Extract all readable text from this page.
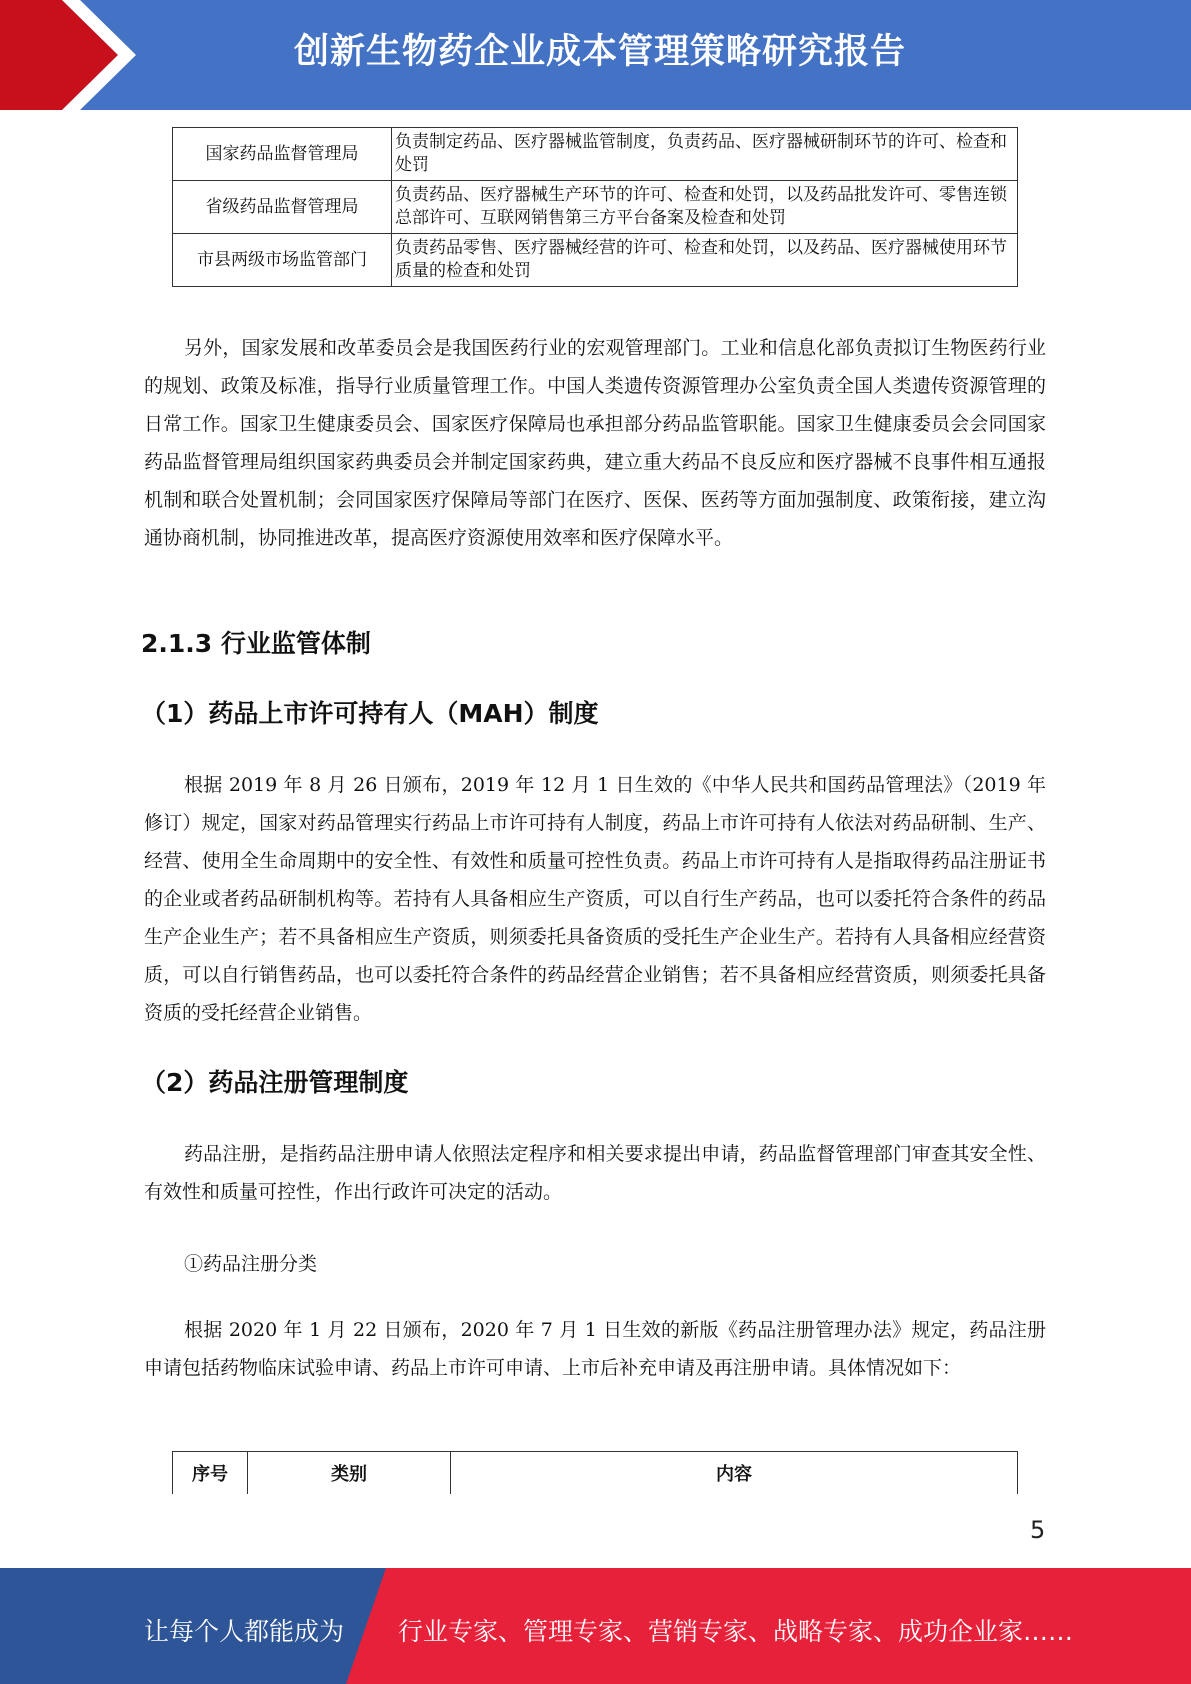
创新生物药企业成本管理策略研究报告
国家药品监督管理局	负责制定药品、医疗器械监管制度，负责药品、医疗器械研制环节的许可、检查和处罚
省级药品监督管理局	负责药品、医疗器械生产环节的许可、检查和处罚，以及药品批发许可、零售连锁总部许可、互联网销售第三方平台备案及检查和处罚
市县两级市场监管部门	负责药品零售、医疗器械经营的许可、检查和处罚，以及药品、医疗器械使用环节质量的检查和处罚

另外，国家发展和改革委员会是我国医药行业的宏观管理部门。工业和信息化部负责拟订生物医药行业的规划、政策及标准，指导行业质量管理工作。中国人类遗传资源管理办公室负责全国人类遗传资源管理的日常工作。国家卫生健康委员会、国家医疗保障局也承担部分药品监管职能。国家卫生健康委员会会同国家药品监督管理局组织国家药典委员会并制定国家药典，建立重大药品不良反应和医疗器械不良事件相互通报机制和联合处置机制；会同国家医疗保障局等部门在医疗、医保、医药等方面加强制度、政策衔接，建立沟通协商机制，协同推进改革，提高医疗资源使用效率和医疗保障水平。

2.1.3 行业监管体制
（1）药品上市许可持有人（MAH）制度

根据 2019 年 8 月 26 日颁布，2019 年 12 月 1 日生效的《中华人民共和国药品管理法》（2019 年修订）规定，国家对药品管理实行药品上市许可持有人制度，药品上市许可持有人依法对药品研制、生产、经营、使用全生命周期中的安全性、有效性和质量可控性负责。药品上市许可持有人是指取得药品注册证书的企业或者药品研制机构等。若持有人具备相应生产资质，可以自行生产药品，也可以委托符合条件的药品生产企业生产；若不具备相应生产资质，则须委托具备资质的受托生产企业生产。若持有人具备相应经营资质，可以自行销售药品，也可以委托符合条件的药品经营企业销售；若不具备相应经营资质，则须委托具备资质的受托经营企业销售。

（2）药品注册管理制度

药品注册，是指药品注册申请人依照法定程序和相关要求提出申请，药品监督管理部门审查其安全性、有效性和质量可控性，作出行政许可决定的活动。

①药品注册分类

根据 2020 年 1 月 22 日颁布，2020 年 7 月 1 日生效的新版《药品注册管理办法》规定，药品注册申请包括药物临床试验申请、药品上市许可申请、上市后补充申请及再注册申请。具体情况如下：

序号	类别	内容
5
让每个人都能成为 行业专家、管理专家、营销专家、战略专家、成功企业家……
